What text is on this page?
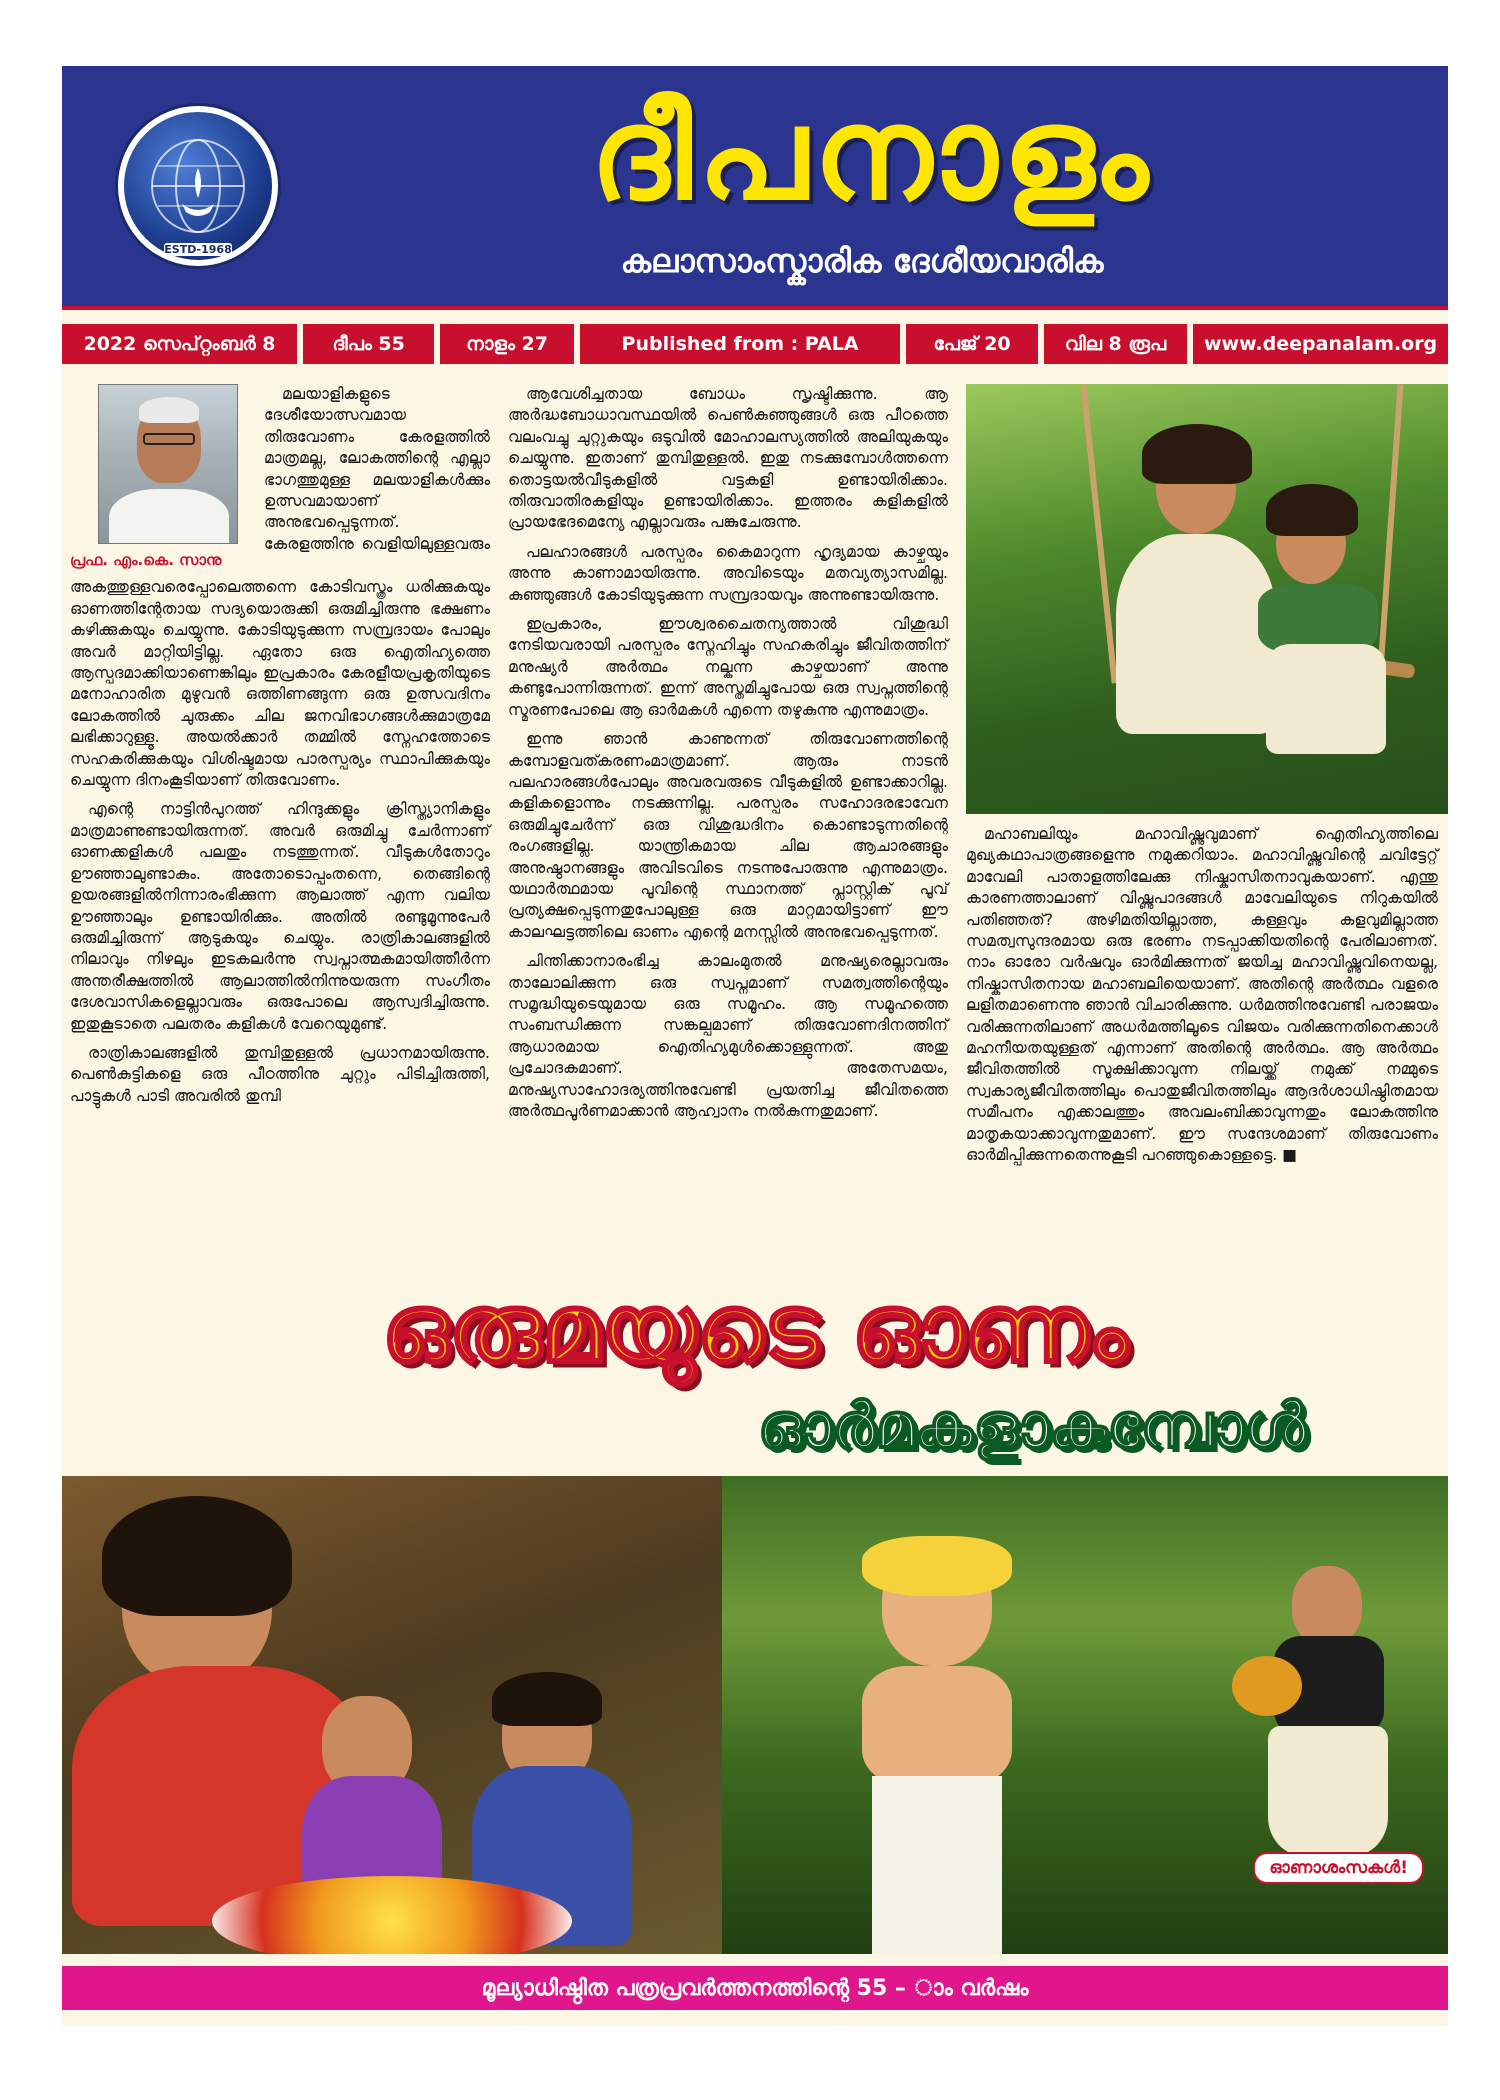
ESTD-1968
ദീപനാളം
കലാസാംസ്കാരിക ദേശീയവാരിക
2022 സെപ്റ്റംബർ 8	ദീപം 55	നാളം 27	Published from : PALA	പേജ് 20	വില 8 രൂപ	www.deepanalam.org
പ്രഫ. എം.കെ. സാനു

മലയാളികളുടെ ദേശീയോത്സവമായ തിരുവോണം കേരളത്തിൽ മാത്രമല്ല, ലോകത്തിന്റെ എല്ലാ ഭാഗത്തുമുള്ള മലയാളികൾക്കും ഉത്സവമായാണ് അനുഭവപ്പെടുന്നത്. കേരളത്തിനു വെളിയിലുള്ളവരും അകത്തുള്ളവരെപ്പോലെത്തന്നെ കോടിവസ്ത്രം ധരിക്കുകയും ഓണത്തിന്റേതായ സദ്യയൊരുക്കി ഒരുമിച്ചിരുന്നു ഭക്ഷണം കഴിക്കുകയും ചെയ്യുന്നു. കോടിയുടുക്കുന്ന സമ്പ്രദായം പോലും അവർ മാറ്റിയിട്ടില്ല. ഏതോ ഒരു ഐതിഹ്യത്തെ ആസ്പദമാക്കിയാണെങ്കിലും ഇപ്രകാരം കേരളീയപ്രകൃതിയുടെ മനോഹാരിത മുഴുവൻ ഒത്തിണങ്ങുന്ന ഒരു ഉത്സവദിനം ലോകത്തിൽ ചുരുക്കം ചില ജനവിഭാഗങ്ങൾക്കുമാത്രമേ ലഭിക്കാറുള്ളൂ. അയൽക്കാർ തമ്മിൽ സ്നേഹത്തോടെ സഹകരിക്കുകയും വിശിഷ്ടമായ പാരസ്പര്യം സ്ഥാപിക്കുകയും ചെയ്യുന്ന ദിനംകൂടിയാണ് തിരുവോണം.

എന്റെ നാട്ടിൻപുറത്ത് ഹിന്ദുക്കളും ക്രിസ്ത്യാനികളും മാത്രമാണുണ്ടായിരുന്നത്. അവർ ഒരുമിച്ചു ചേർന്നാണ് ഓണക്കളികൾ പലതും നടത്തുന്നത്. വീടുകൾതോറും ഊഞ്ഞാലുണ്ടാകും. അതോടൊപ്പംതന്നെ, തെങ്ങിന്റെ ഉയരങ്ങളിൽനിന്നാരംഭിക്കുന്ന ആലാത്ത് എന്ന വലിയ ഊഞ്ഞാലും ഉണ്ടായിരിക്കും. അതിൽ രണ്ടുമൂന്നുപേർ ഒരുമിച്ചിരുന്ന് ആടുകയും ചെയ്യും. രാത്രികാലങ്ങളിൽ നിലാവും നിഴലും ഇടകലർന്നു സ്വപ്നാത്മകമായിത്തീർന്ന അന്തരീക്ഷത്തിൽ ആലാത്തിൽനിന്നുയരുന്ന സംഗീതം ദേശവാസികളെല്ലാവരും ഒരുപോലെ ആസ്വദിച്ചിരുന്നു. ഇതുകൂടാതെ പലതരം കളികൾ വേറെയുമുണ്ട്.

രാത്രികാലങ്ങളിൽ തുമ്പിതുള്ളൽ പ്രധാനമായിരുന്നു. പെൺകുട്ടികളെ ഒരു പീഠത്തിനു ചുറ്റും പിടിച്ചിരുത്തി, പാട്ടുകൾ പാടി അവരിൽ തുമ്പി

ആവേശിച്ചതായ ബോധം സൃഷ്ടിക്കുന്നു. ആ അർദ്ധബോധാവസ്ഥയിൽ പെൺകുഞ്ഞുങ്ങൾ ഒരു പീഠത്തെ വലംവച്ചു ചുറ്റുകയും ഒടുവിൽ മോഹാലസ്യത്തിൽ അലിയുകയും ചെയ്യുന്നു. ഇതാണ് തുമ്പിതുള്ളൽ. ഇതു നടക്കുമ്പോൾത്തന്നെ തൊട്ടയൽവീടുകളിൽ വട്ടകളി ഉണ്ടായിരിക്കാം. തിരുവാതിരകളിയും ഉണ്ടായിരിക്കാം. ഇത്തരം കളികളിൽ പ്രായഭേദമെന്യേ എല്ലാവരും പങ്കുചേരുന്നു.

പലഹാരങ്ങൾ പരസ്പരം കൈമാറുന്ന ഹൃദ്യമായ കാഴ്ചയും അന്നു കാണാമായിരുന്നു. അവിടെയും മതവ്യത്യാസമില്ല. കുഞ്ഞുങ്ങൾ കോടിയുടുക്കുന്ന സമ്പ്രദായവും അന്നുണ്ടായിരുന്നു.

ഇപ്രകാരം, ഈശ്വരചൈതന്യത്താൽ വിശുദ്ധി നേടിയവരായി പരസ്പരം സ്നേഹിച്ചും സഹകരിച്ചും ജീവിതത്തിന് മനുഷ്യർ അർത്ഥം നല്കുന്ന കാഴ്ചയാണ് അന്നു കണ്ടുപോന്നിരുന്നത്. ഇന്ന് അസ്തമിച്ചുപോയ ഒരു സ്വപ്നത്തിന്റെ സ്മരണപോലെ ആ ഓർമകൾ എന്നെ തഴുകുന്നു എന്നുമാത്രം.

ഇന്നു ഞാൻ കാണുന്നത് തിരുവോണത്തിന്റെ കമ്പോളവത്കരണംമാത്രമാണ്. ആരും നാടൻ പലഹാരങ്ങൾപോലും അവരവരുടെ വീടുകളിൽ ഉണ്ടാക്കാറില്ല. കളികളൊന്നും നടക്കുന്നില്ല. പരസ്പരം സഹോദരഭാവേന ഒരുമിച്ചുചേർന്ന് ഒരു വിശുദ്ധദിനം കൊണ്ടാടുന്നതിന്റെ രംഗങ്ങളില്ല. യാന്ത്രികമായ ചില ആചാരങ്ങളും അനുഷ്ഠാനങ്ങളും അവിടവിടെ നടന്നുപോരുന്നു എന്നുമാത്രം. യഥാർത്ഥമായ പൂവിന്റെ സ്ഥാനത്ത് പ്ലാസ്റ്റിക് പൂവ് പ്രത്യക്ഷപ്പെടുന്നതുപോലുള്ള ഒരു മാറ്റമായിട്ടാണ് ഈ കാലഘട്ടത്തിലെ ഓണം എന്റെ മനസ്സിൽ അനുഭവപ്പെടുന്നത്.

ചിന്തിക്കാനാരംഭിച്ച കാലംമുതൽ മനുഷ്യരെല്ലാവരും താലോലിക്കുന്ന ഒരു സ്വപ്നമാണ് സമത്വത്തിന്റെയും സമൃദ്ധിയുടെയുമായ ഒരു സമൂഹം. ആ സമൂഹത്തെ സംബന്ധിക്കുന്ന സങ്കല്പമാണ് തിരുവോണദിനത്തിന് ആധാരമായ ഐതിഹ്യമുൾക്കൊള്ളുന്നത്. അതു പ്രചോദകമാണ്. അതേസമയം, മനുഷ്യസാഹോദര്യത്തിനുവേണ്ടി പ്രയത്നിച്ച ജീവിതത്തെ അർത്ഥപൂർണമാക്കാൻ ആഹ്വാനം നൽകുന്നതുമാണ്.

മഹാബലിയും മഹാവിഷ്ണുവുമാണ് ഐതിഹ്യത്തിലെ മുഖ്യകഥാപാത്രങ്ങളെന്നു നമുക്കറിയാം. മഹാവിഷ്ണുവിന്റെ ചവിട്ടേറ്റ് മാവേലി പാതാളത്തിലേക്കു നിഷ്കാസിതനാവുകയാണ്. എന്തു കാരണത്താലാണ് വിഷ്ണുപാദങ്ങൾ മാവേലിയുടെ നിറുകയിൽ പതിഞ്ഞത്? അഴിമതിയില്ലാത്ത, കള്ളവും കളവുമില്ലാത്ത സമത്വസുന്ദരമായ ഒരു ഭരണം നടപ്പാക്കിയതിന്റെ പേരിലാണത്. നാം ഓരോ വർഷവും ഓർമിക്കുന്നത് ജയിച്ച മഹാവിഷ്ണുവിനെയല്ല, നിഷ്കാസിതനായ മഹാബലിയെയാണ്. അതിന്റെ അർത്ഥം വളരെ ലളിതമാണെന്നു ഞാൻ വിചാരിക്കുന്നു. ധർമത്തിനുവേണ്ടി പരാജയം വരിക്കുന്നതിലാണ് അധർമത്തിലൂടെ വിജയം വരിക്കുന്നതിനെക്കാൾ മഹനീയതയുള്ളത് എന്നാണ് അതിന്റെ അർത്ഥം. ആ അർത്ഥം ജീവിതത്തിൽ സൂക്ഷിക്കാവുന്ന നിലയ്ക്ക് നമുക്ക് നമ്മുടെ സ്വകാര്യജീവിതത്തിലും പൊതുജീവിതത്തിലും ആദർശാധിഷ്ഠിതമായ സമീപനം എക്കാലത്തും അവലംബിക്കാവുന്നതും ലോകത്തിനു മാതൃകയാക്കാവുന്നതുമാണ്. ഈ സന്ദേശമാണ് തിരുവോണം ഓർമിപ്പിക്കുന്നതെന്നുകൂടി പറഞ്ഞുകൊള്ളട്ടെ. ■

ഒരുമയുടെ ഓണം
ഓർമകളാകുമ്പോൾ
ഓണാശംസകൾ!
മൂല്യാധിഷ്ഠിത പത്രപ്രവർത്തനത്തിന്റെ 55 – ാം വർഷം
